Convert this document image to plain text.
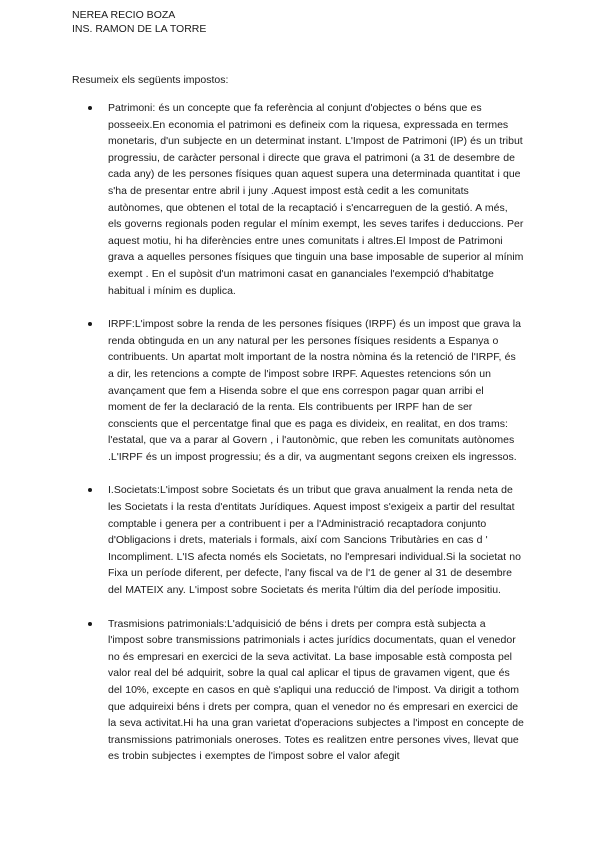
NEREA RECIO BOZA
INS. RAMON DE LA TORRE
Resumeix els següents impostos:
Patrimoni: és un concepte que fa referència al conjunt d'objectes o béns que es posseeix.En economia el patrimoni es defineix com la riquesa, expressada en termes monetaris, d'un subjecte en un determinat instant. L'Impost de Patrimoni (IP) és un tribut progressiu, de caràcter personal i directe que grava el patrimoni (a 31 de desembre de cada any) de les persones físiques quan aquest supera una determinada quantitat i que s'ha de presentar entre abril i juny .Aquest impost està cedit a les comunitats autònomes, que obtenen el total de la recaptació i s'encarreguen de la gestió. A més, els governs regionals poden regular el mínim exempt, les seves tarifes i deduccions. Per aquest motiu, hi ha diferències entre unes comunitats i altres.El Impost de Patrimoni grava a aquelles persones físiques que tinguin una base imposable de superior al mínim exempt . En el supòsit d'un matrimoni casat en gananciales l'exempció d'habitatge habitual i mínim es duplica.
IRPF:L'impost sobre la renda de les persones físiques (IRPF) és un impost que grava la renda obtinguda en un any natural per les persones físiques residents a Espanya o contribuents. Un apartat molt important de la nostra nòmina és la retenció de l'IRPF, és a dir, les retencions a compte de l'impost sobre IRPF. Aquestes retencions són un avançament que fem a Hisenda sobre el que ens correspon pagar quan arribi el moment de fer la declaració de la renta. Els contribuents per IRPF han de ser conscients que el percentatge final que es paga es divideix, en realitat, en dos trams: l'estatal, que va a parar al Govern , i l'autonòmic, que reben les comunitats autònomes .L'IRPF és un impost progressiu; és a dir, va augmentant segons creixen els ingressos.
I.Societats:L'impost sobre Societats és un tribut que grava anualment la renda neta de les Societats i la resta d'entitats Jurídiques. Aquest impost s'exigeix a partir del resultat comptable i genera per a contribuent i per a l'Administració recaptadora conjunto d'Obligacions i drets, materials i formals, així com Sancions Tributàries en cas d ' Incompliment. L'IS afecta només els Societats, no l'empresari individual.Si la societat no Fixa un període diferent, per defecte, l'any fiscal va de l'1 de gener al 31 de desembre del MATEIX any. L'impost sobre Societats és merita l'últim dia del període impositiu.
Trasmisions patrimonials:L'adquisició de béns i drets per compra està subjecta a l'impost sobre transmissions patrimonials i actes jurídics documentats, quan el venedor no és empresari en exercici de la seva activitat. La base imposable està composta pel valor real del bé adquirit, sobre la qual cal aplicar el tipus de gravamen vigent, que és del 10%, excepte en casos en què s'apliqui una reducció de l'impost. Va dirigit a tothom que adquireixi béns i drets per compra, quan el venedor no és empresari en exercici de la seva activitat.Hi ha una gran varietat d'operacions subjectes a l'impost en concepte de transmissions patrimonials oneroses. Totes es realitzen entre persones vives, llevat que es trobin subjectes i exemptes de l'impost sobre el valor afegit
